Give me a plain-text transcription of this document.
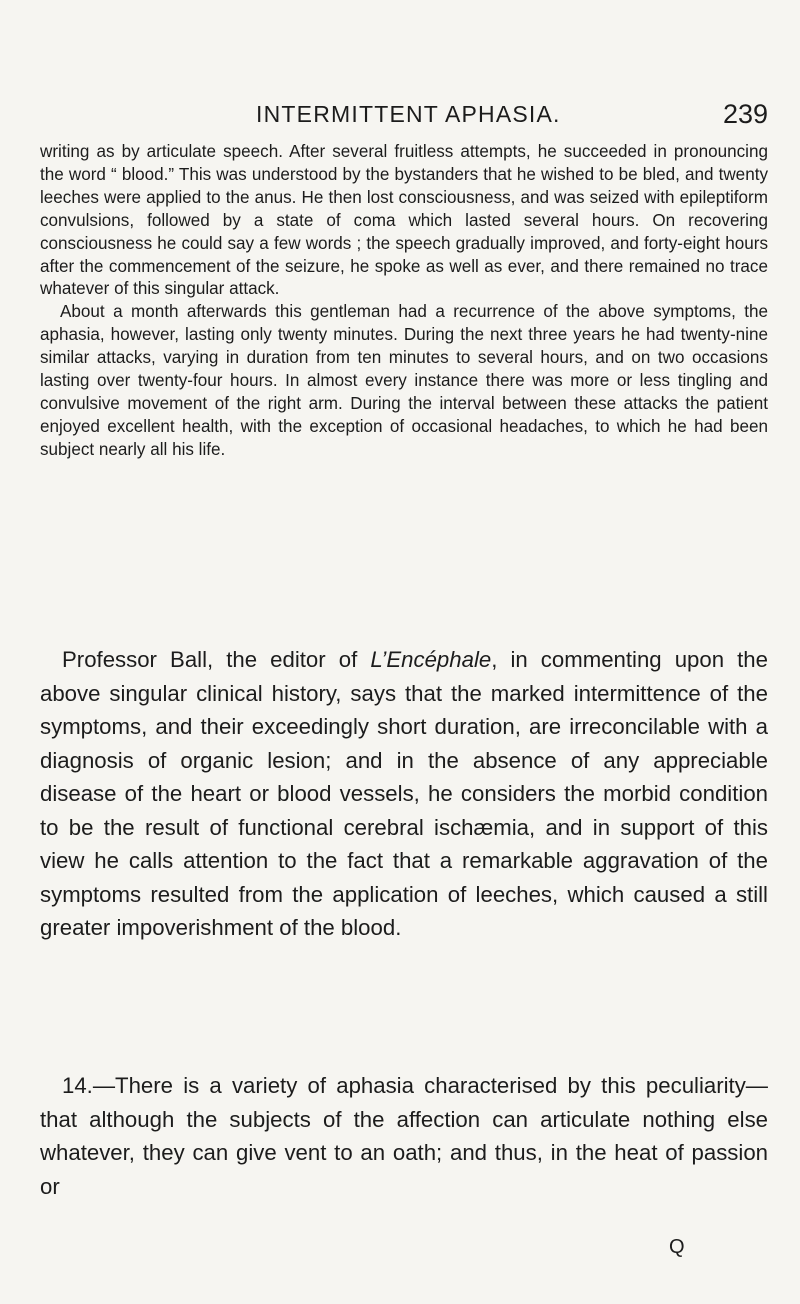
INTERMITTENT APHASIA.	239

writing as by articulate speech. After several fruitless attempts, he succeeded in pronouncing the word “ blood.” This was understood by the bystanders that he wished to be bled, and twenty leeches were applied to the anus. He then lost consciousness, and was seized with epileptiform convulsions, followed by a state of coma which lasted several hours. On recovering consciousness he could say a few words ; the speech gradually improved, and forty-eight hours after the commencement of the seizure, he spoke as well as ever, and there remained no trace whatever of this singular attack.

About a month afterwards this gentleman had a recurrence of the above symptoms, the aphasia, however, lasting only twenty minutes. During the next three years he had twenty-nine similar attacks, varying in duration from ten minutes to several hours, and on two occasions lasting over twenty-four hours. In almost every instance there was more or less tingling and convulsive movement of the right arm. During the interval between these attacks the patient enjoyed excellent health, with the exception of occasional headaches, to which he had been subject nearly all his life.

Professor Ball, the editor of L’Encéphale, in commenting upon the above singular clinical history, says that the marked intermittence of the symptoms, and their exceedingly short duration, are irreconcilable with a diagnosis of organic lesion; and in the absence of any appreciable disease of the heart or blood vessels, he considers the morbid condition to be the result of functional cerebral ischæmia, and in support of this view he calls attention to the fact that a remarkable aggravation of the symptoms resulted from the application of leeches, which caused a still greater impoverishment of the blood.

14.—There is a variety of aphasia characterised by this peculiarity—that although the subjects of the affection can articulate nothing else whatever, they can give vent to an oath; and thus, in the heat of passion or

Q
